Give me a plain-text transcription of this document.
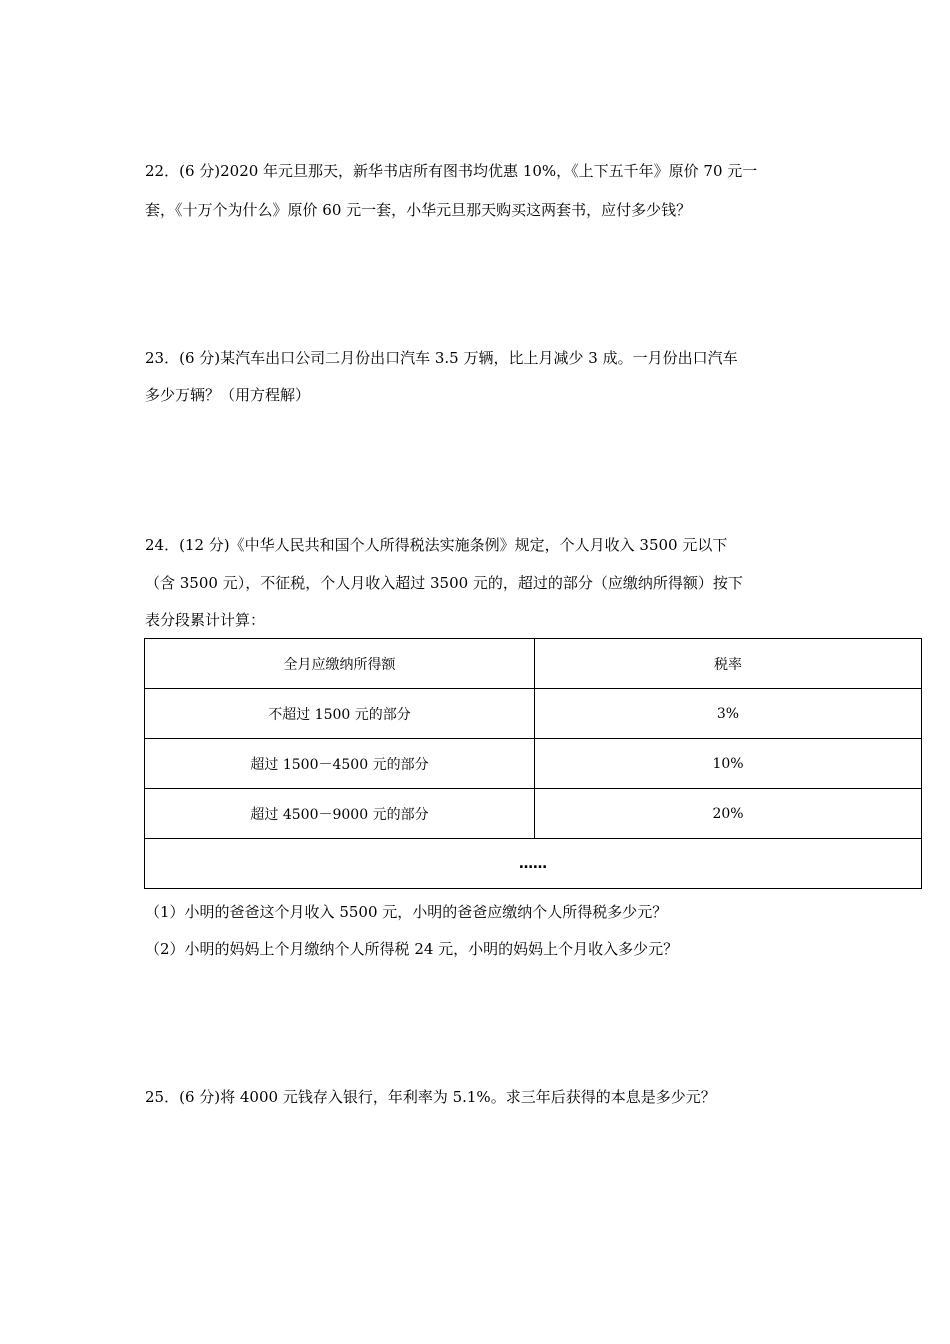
22．(6 分)2020 年元旦那天，新华书店所有图书均优惠 10%，《上下五千年》原价 70 元一
套，《十万个为什么》原价 60 元一套，小华元旦那天购买这两套书，应付多少钱？
23．(6 分)某汽车出口公司二月份出口汽车 3.5 万辆，比上月减少 3 成。一月份出口汽车
多少万辆？（用方程解）
24．(12 分)《中华人民共和国个人所得税法实施条例》规定，个人月收入 3500 元以下
（含 3500 元），不征税，个人月收入超过 3500 元的，超过的部分（应缴纳所得额）按下
表分段累计计算：
全月应缴纳所得额	税率
不超过 1500 元的部分	3%
超过 1500－4500 元的部分	10%
超过 4500－9000 元的部分	20%
……	
（1）小明的爸爸这个月收入 5500 元，小明的爸爸应缴纳个人所得税多少元？
（2）小明的妈妈上个月缴纳个人所得税 24 元，小明的妈妈上个月收入多少元？
25．(6 分)将 4000 元钱存入银行，年利率为 5.1%。求三年后获得的本息是多少元？
